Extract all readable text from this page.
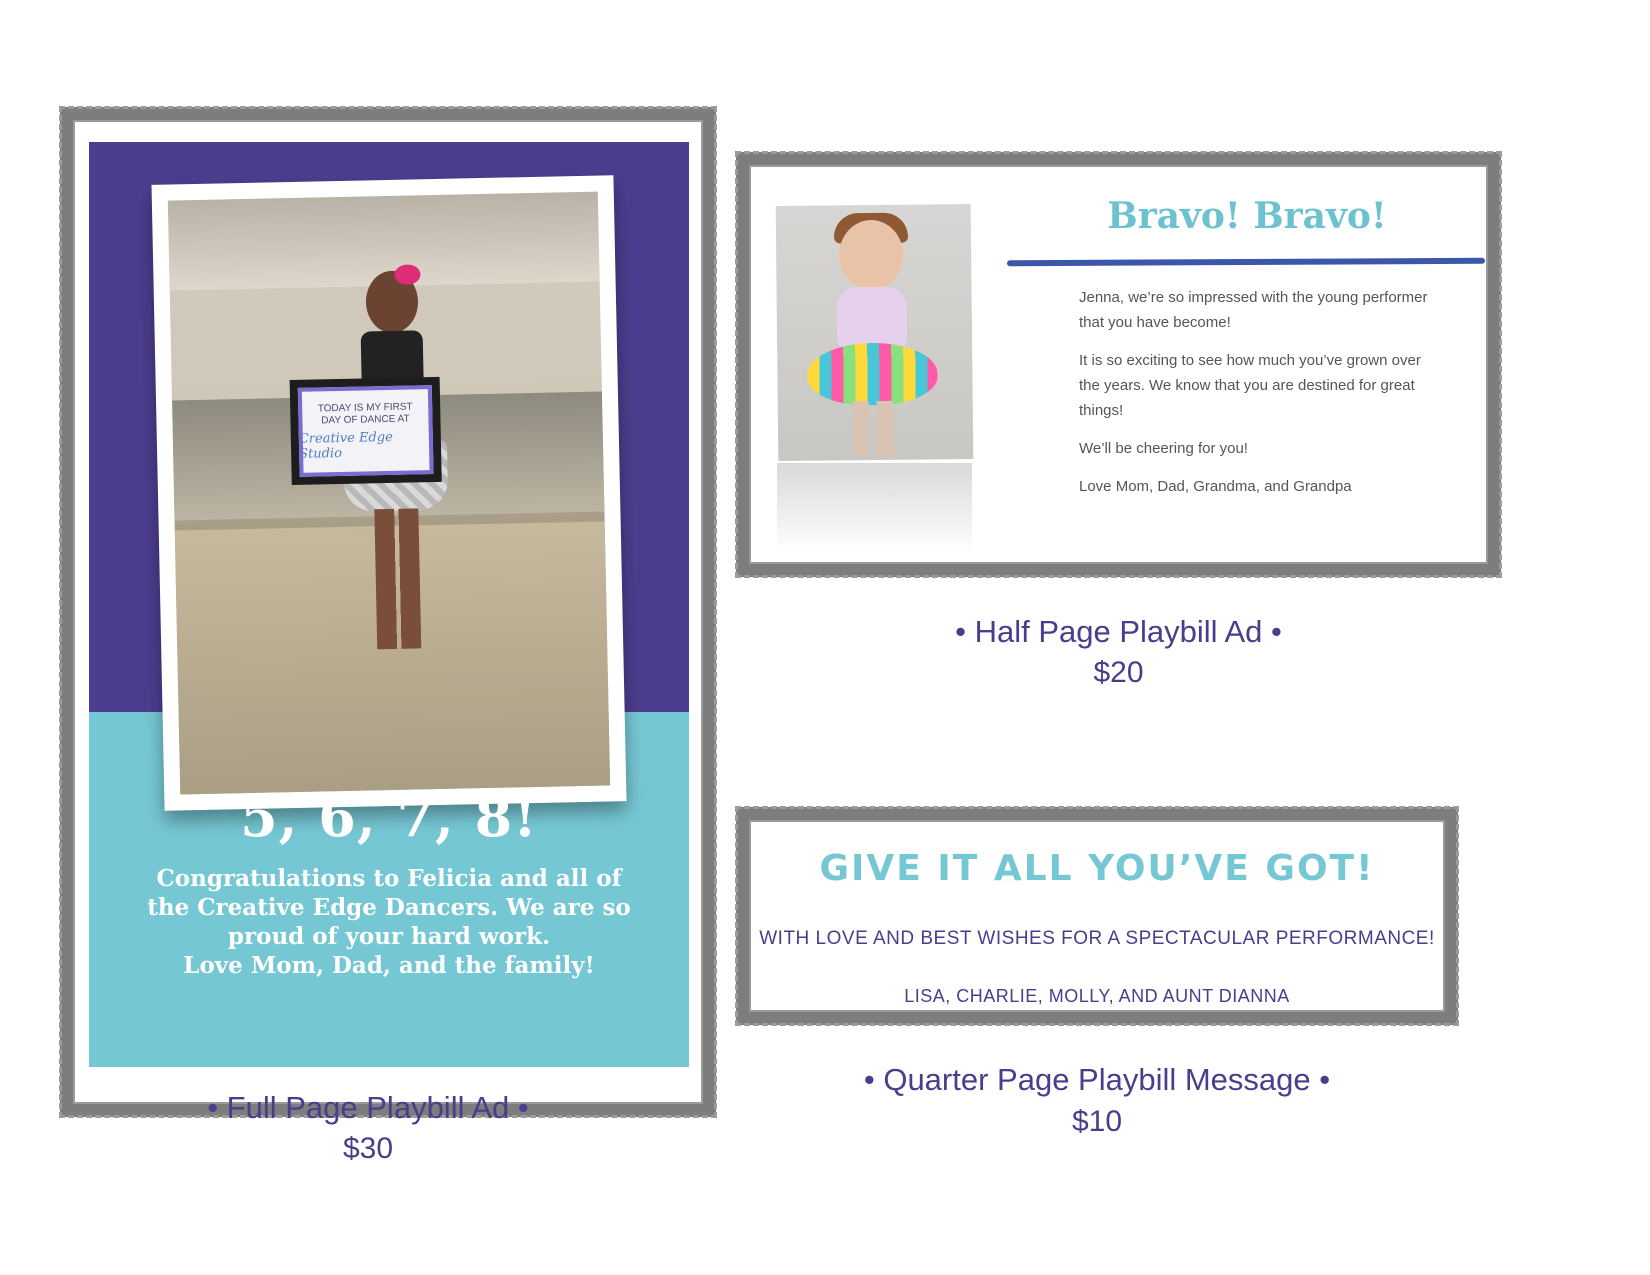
TODAY IS MY FIRST
DAY OF DANCE AT
Creative Edge Studio
5, 6, 7, 8!
Congratulations to Felicia and all of
the Creative Edge Dancers. We are so
proud of your hard work.
Love Mom, Dad, and the family!
• Full Page Playbill Ad •
$30
Bravo! Bravo!

Jenna, we’re so impressed with the young performer that you have become!

It is so exciting to see how much you’ve grown over the years. We know that you are destined for great things!

We’ll be cheering for you!

Love Mom, Dad, Grandma, and Grandpa

• Half Page Playbill Ad •
$20
GIVE IT ALL YOU’VE GOT!
WITH LOVE AND BEST WISHES FOR A SPECTACULAR PERFORMANCE!
LISA, CHARLIE, MOLLY, AND AUNT DIANNA
• Quarter Page Playbill Message •
$10
